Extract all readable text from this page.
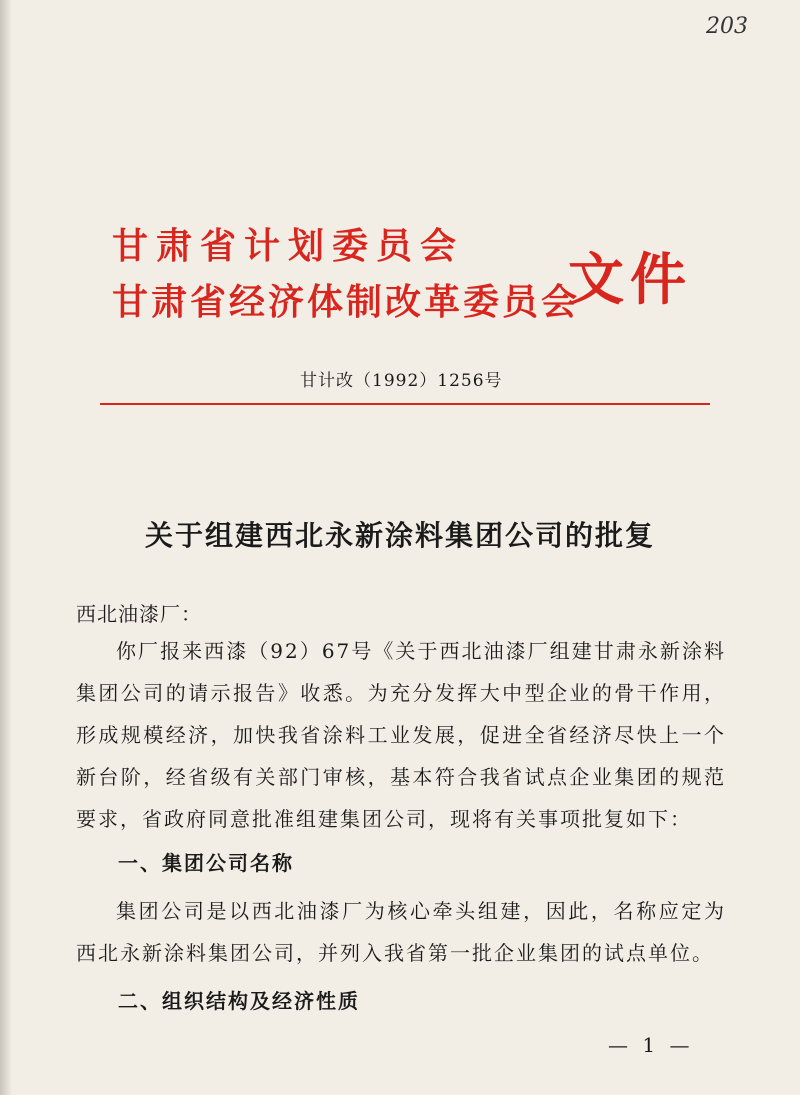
203
甘肃省计划委员会
甘肃省经济体制改革委员会
文件
甘计改（1992）1256号
关于组建西北永新涂料集团公司的批复
西北油漆厂：
你厂报来西漆（92）67号《关于西北油漆厂组建甘肃永新涂料集团公司的请示报告》收悉。为充分发挥大中型企业的骨干作用，形成规模经济，加快我省涂料工业发展，促进全省经济尽快上一个新台阶，经省级有关部门审核，基本符合我省试点企业集团的规范要求，省政府同意批准组建集团公司，现将有关事项批复如下：
一、集团公司名称
集团公司是以西北油漆厂为核心牵头组建，因此，名称应定为西北永新涂料集团公司，并列入我省第一批企业集团的试点单位。
二、组织结构及经济性质
— 1 —
